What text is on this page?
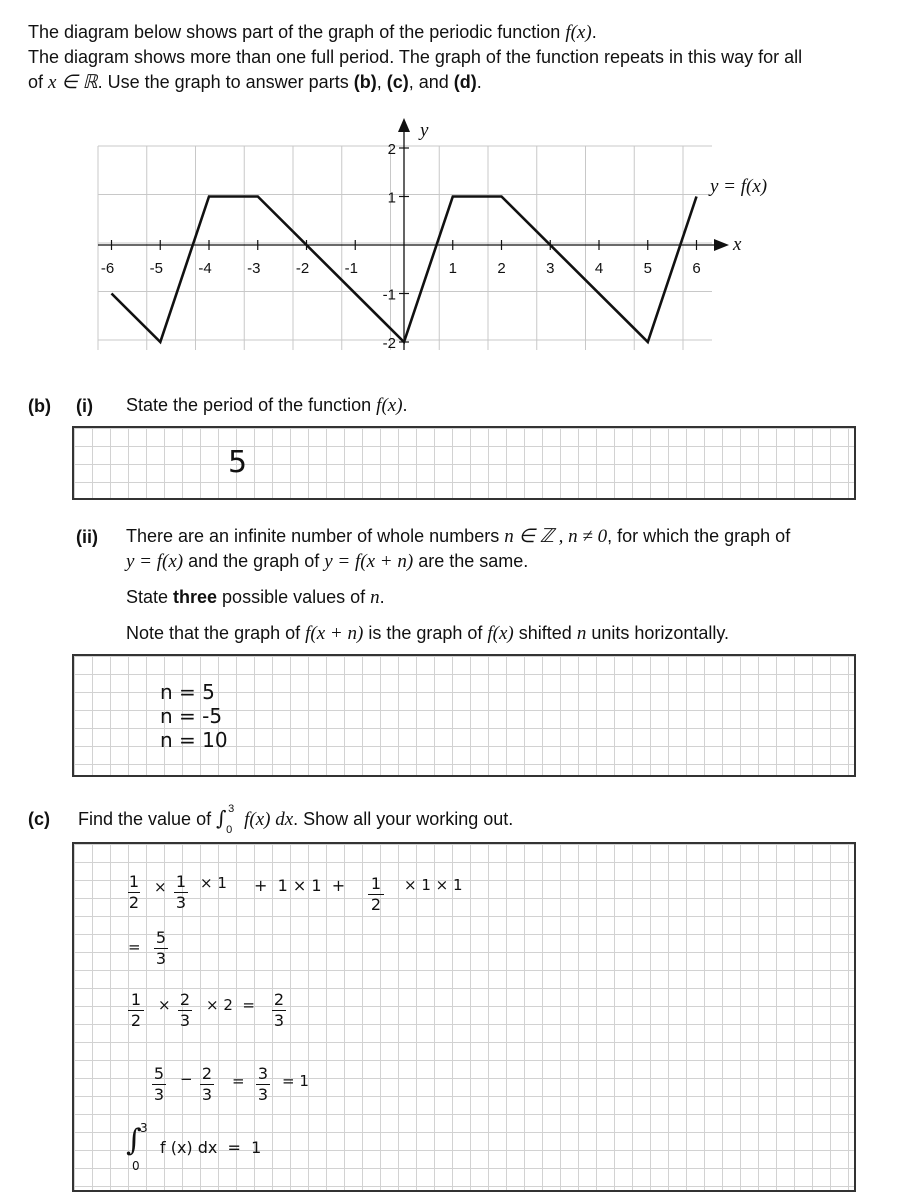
The diagram below shows part of the graph of the periodic function f(x).

The diagram shows more than one full period. The graph of the function repeats in this way for all

of x ∈ ℝ. Use the graph to answer parts (b), (c), and (d).

-6 -5 -4 -3 -2 -1	1	2	3	4	5	6
2
1
-1
-2
y
x
y = f(x)
(b) (i) State the period of the function f(x).
5
(ii) There are an infinite number of whole numbers n ∈ ℤ , n ≠ 0, for which the graph of

y = f(x) and the graph of y = f(x + n) are the same.

State three possible values of n.

Note that the graph of f(x + n) is the graph of f(x) shifted n units horizontally.

n = 5
n = -5
n = 10
(c) Find the value of ∫ 3
0 f(x) dx. Show all your working out.
1
2
× 1
3
× 1 +  1 × 1  + 1
2
× 1 × 1
= 5
3
1
2
× 2
3
× 2  = 2
3
5
3
− 2
3
= 3
3
= 1
∫
3
0
f (x) dx  =  1
